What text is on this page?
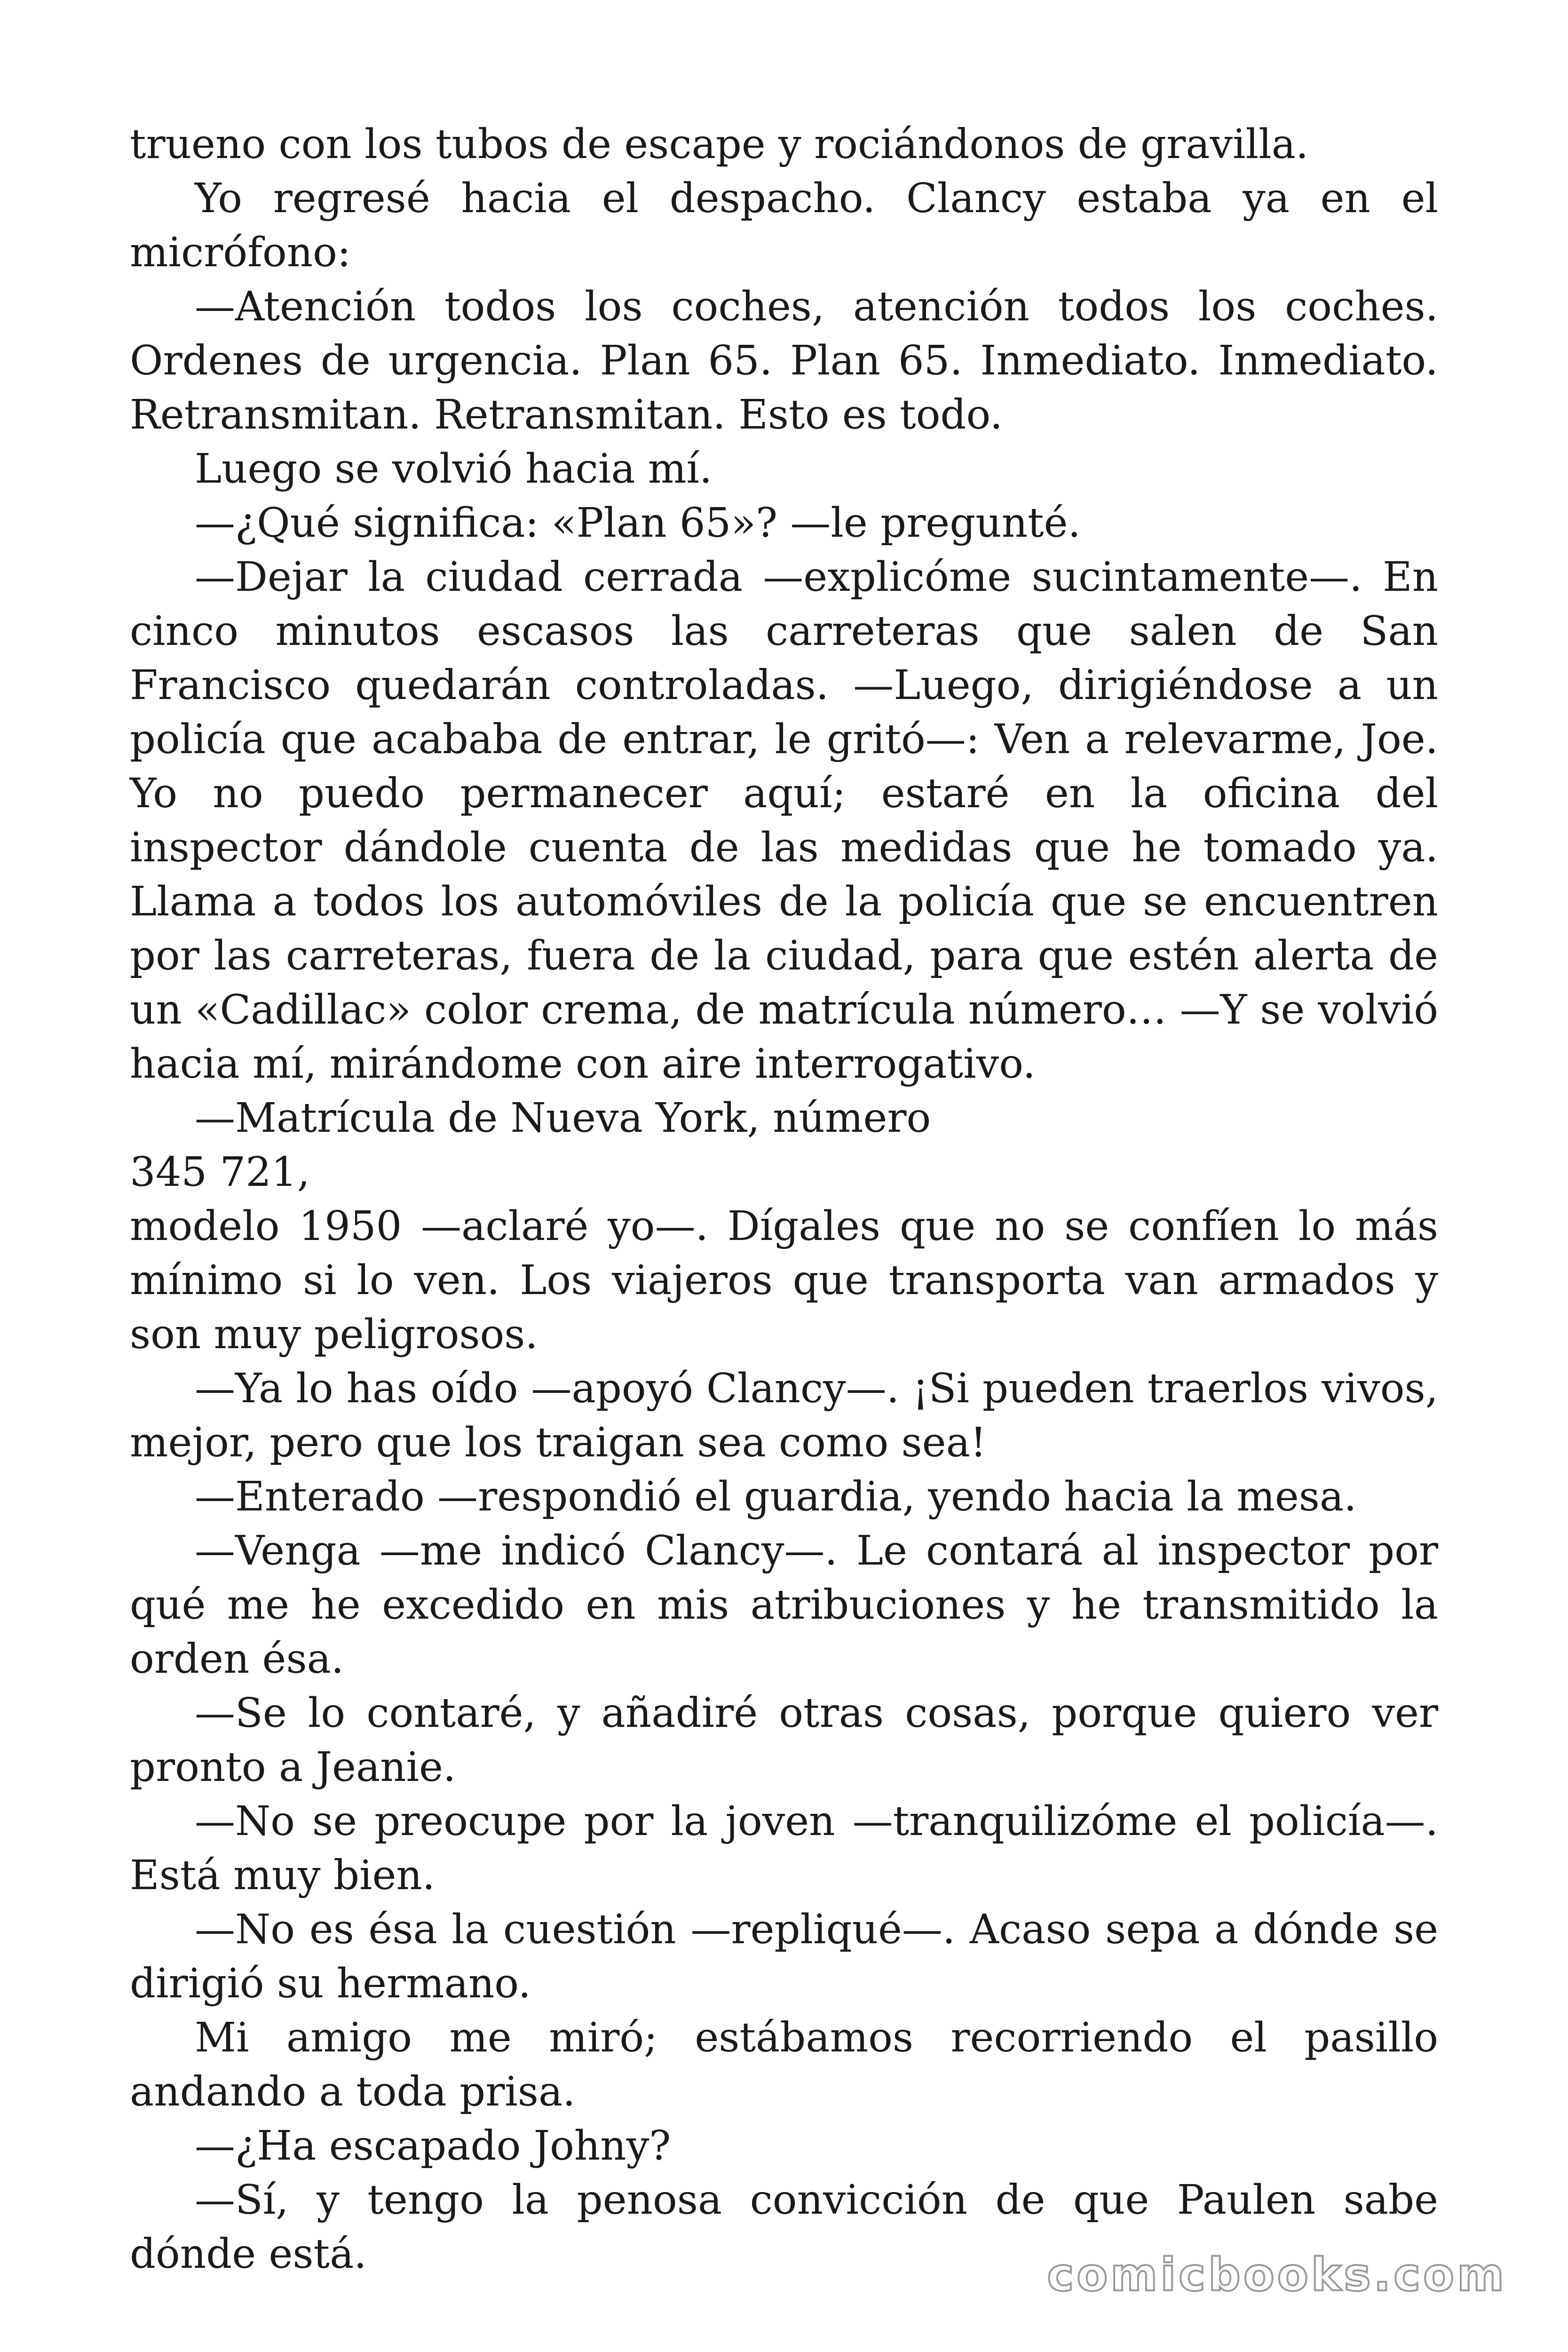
trueno con los tubos de escape y rociándonos de gravilla.

Yo regresé hacia el despacho. Clancy estaba ya en el micrófono:

—Atención todos los coches, atención todos los coches. Ordenes de urgencia. Plan 65. Plan 65. Inmediato. Inmediato. Retransmitan. Retransmitan. Esto es todo.

Luego se volvió hacia mí.

—¿Qué significa: «Plan 65»? —le pregunté.

—Dejar la ciudad cerrada —explicóme sucintamente—. En cinco minutos escasos las carreteras que salen de San Francisco quedarán controladas. —Luego, dirigiéndose a un policía que acababa de entrar, le gritó—: Ven a relevarme, Joe. Yo no puedo permanecer aquí; estaré en la oficina del inspector dándole cuenta de las medidas que he tomado ya. Llama a todos los automóviles de la policía que se encuentren por las carreteras, fuera de la ciudad, para que estén alerta de un «Cadillac» color crema, de matrícula número… —Y se volvió hacia mí, mirándome con aire interrogativo.

—Matrícula de Nueva York, número

345 721,

modelo 1950 —aclaré yo—. Dígales que no se confíen lo más mínimo si lo ven. Los viajeros que transporta van armados y son muy peligrosos.

—Ya lo has oído —apoyó Clancy—. ¡Si pueden traerlos vivos, mejor, pero que los traigan sea como sea!

—Enterado —respondió el guardia, yendo hacia la mesa.

—Venga —me indicó Clancy—. Le contará al inspector por qué me he excedido en mis atribuciones y he transmitido la orden ésa.

—Se lo contaré, y añadiré otras cosas, porque quiero ver pronto a Jeanie.

—No se preocupe por la joven —tranquilizóme el policía—. Está muy bien.

—No es ésa la cuestión —repliqué—. Acaso sepa a dónde se dirigió su hermano.

Mi amigo me miró; estábamos recorriendo el pasillo andando a toda prisa.

—¿Ha escapado Johny?

—Sí, y tengo la penosa convicción de que Paulen sabe dónde está.	comicbooks.com
